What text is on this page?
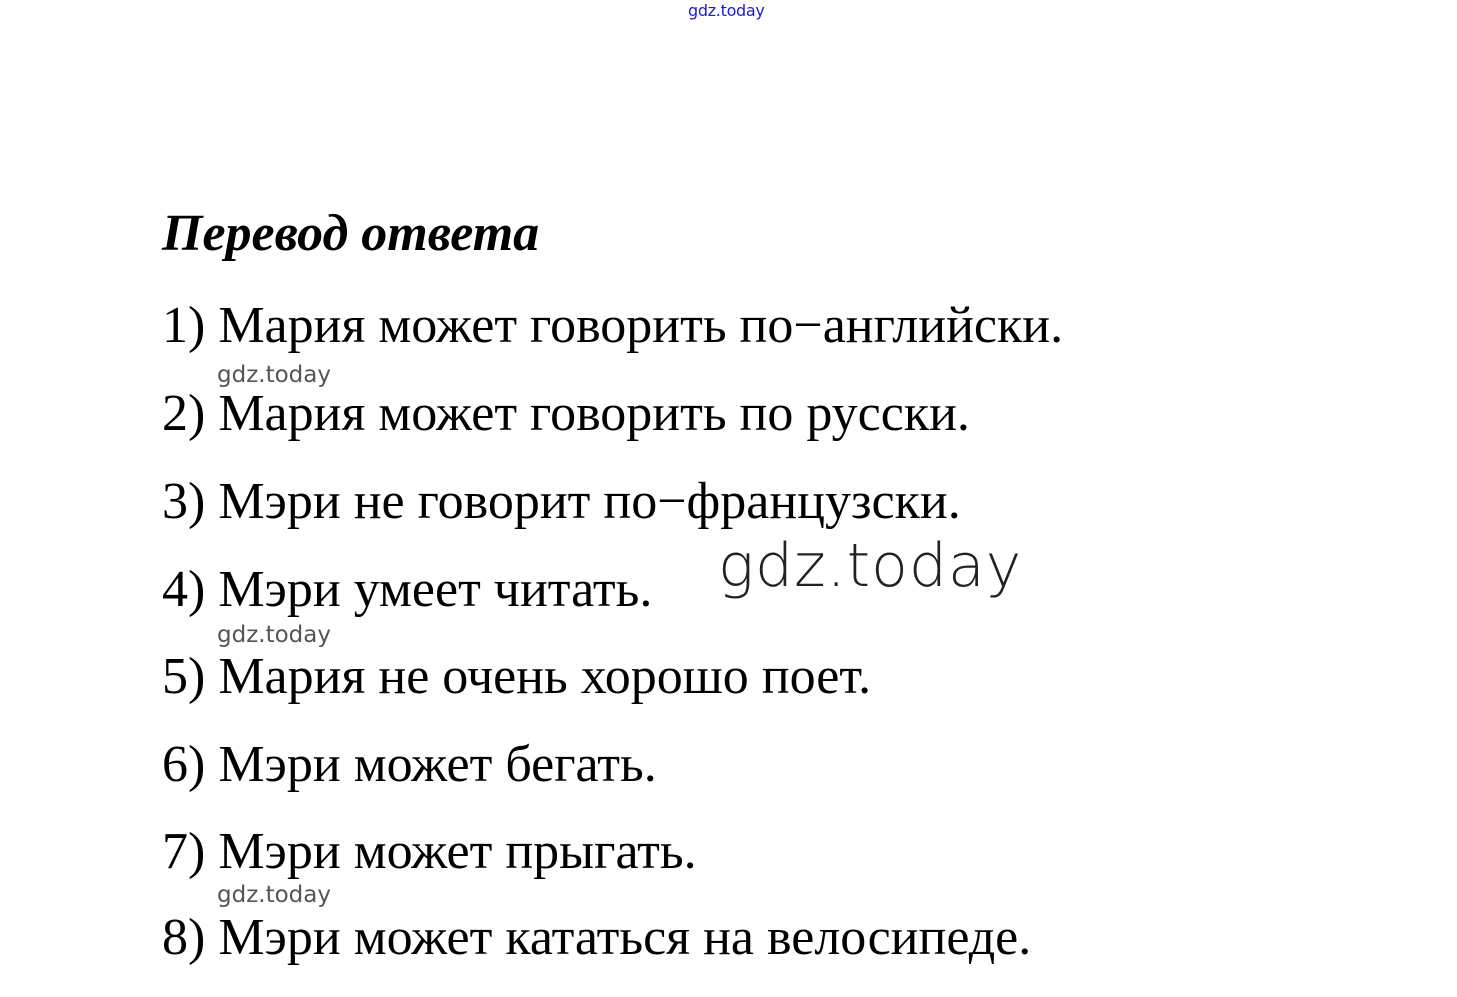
gdz.today
Перевод ответа
1) Мария может говорить по−английски.
gdz.today
2) Мария может говорить по русски.
3) Мэри не говорит по−французски.
4) Мэри умеет читать. gdz.today
gdz.today
5) Мария не очень хорошо поет.
6) Мэри может бегать.
7) Мэри может прыгать.
gdz.today
8) Мэри может кататься на велосипеде.
